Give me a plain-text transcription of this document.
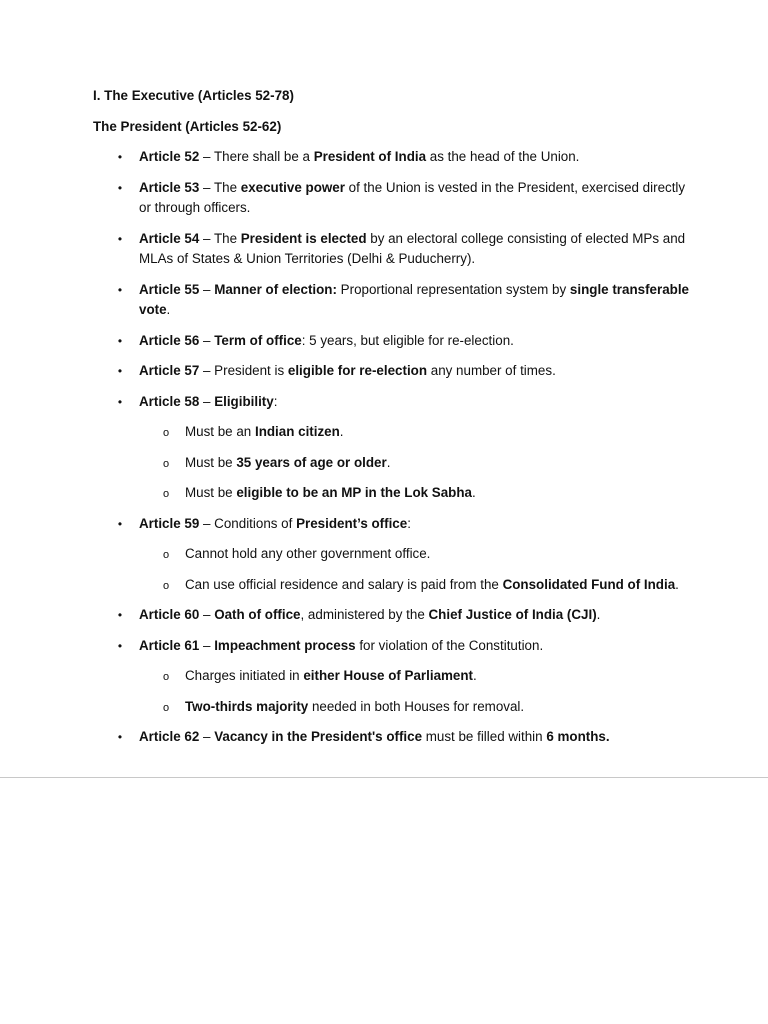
I. The Executive (Articles 52-78)
The President (Articles 52-62)
• Article 52 – There shall be a President of India as the head of the Union.
• Article 53 – The executive power of the Union is vested in the President, exercised directly or through officers.
• Article 54 – The President is elected by an electoral college consisting of elected MPs and MLAs of States & Union Territories (Delhi & Puducherry).
• Article 55 – Manner of election: Proportional representation system by single transferable vote.
• Article 56 – Term of office: 5 years, but eligible for re-election.
• Article 57 – President is eligible for re-election any number of times.
• Article 58 – Eligibility:
o Must be an Indian citizen.
o Must be 35 years of age or older.
o Must be eligible to be an MP in the Lok Sabha.
• Article 59 – Conditions of President’s office:
o Cannot hold any other government office.
o Can use official residence and salary is paid from the Consolidated Fund of India.
• Article 60 – Oath of office, administered by the Chief Justice of India (CJI).
• Article 61 – Impeachment process for violation of the Constitution.
o Charges initiated in either House of Parliament.
o Two-thirds majority needed in both Houses for removal.
• Article 62 – Vacancy in the President's office must be filled within 6 months.
